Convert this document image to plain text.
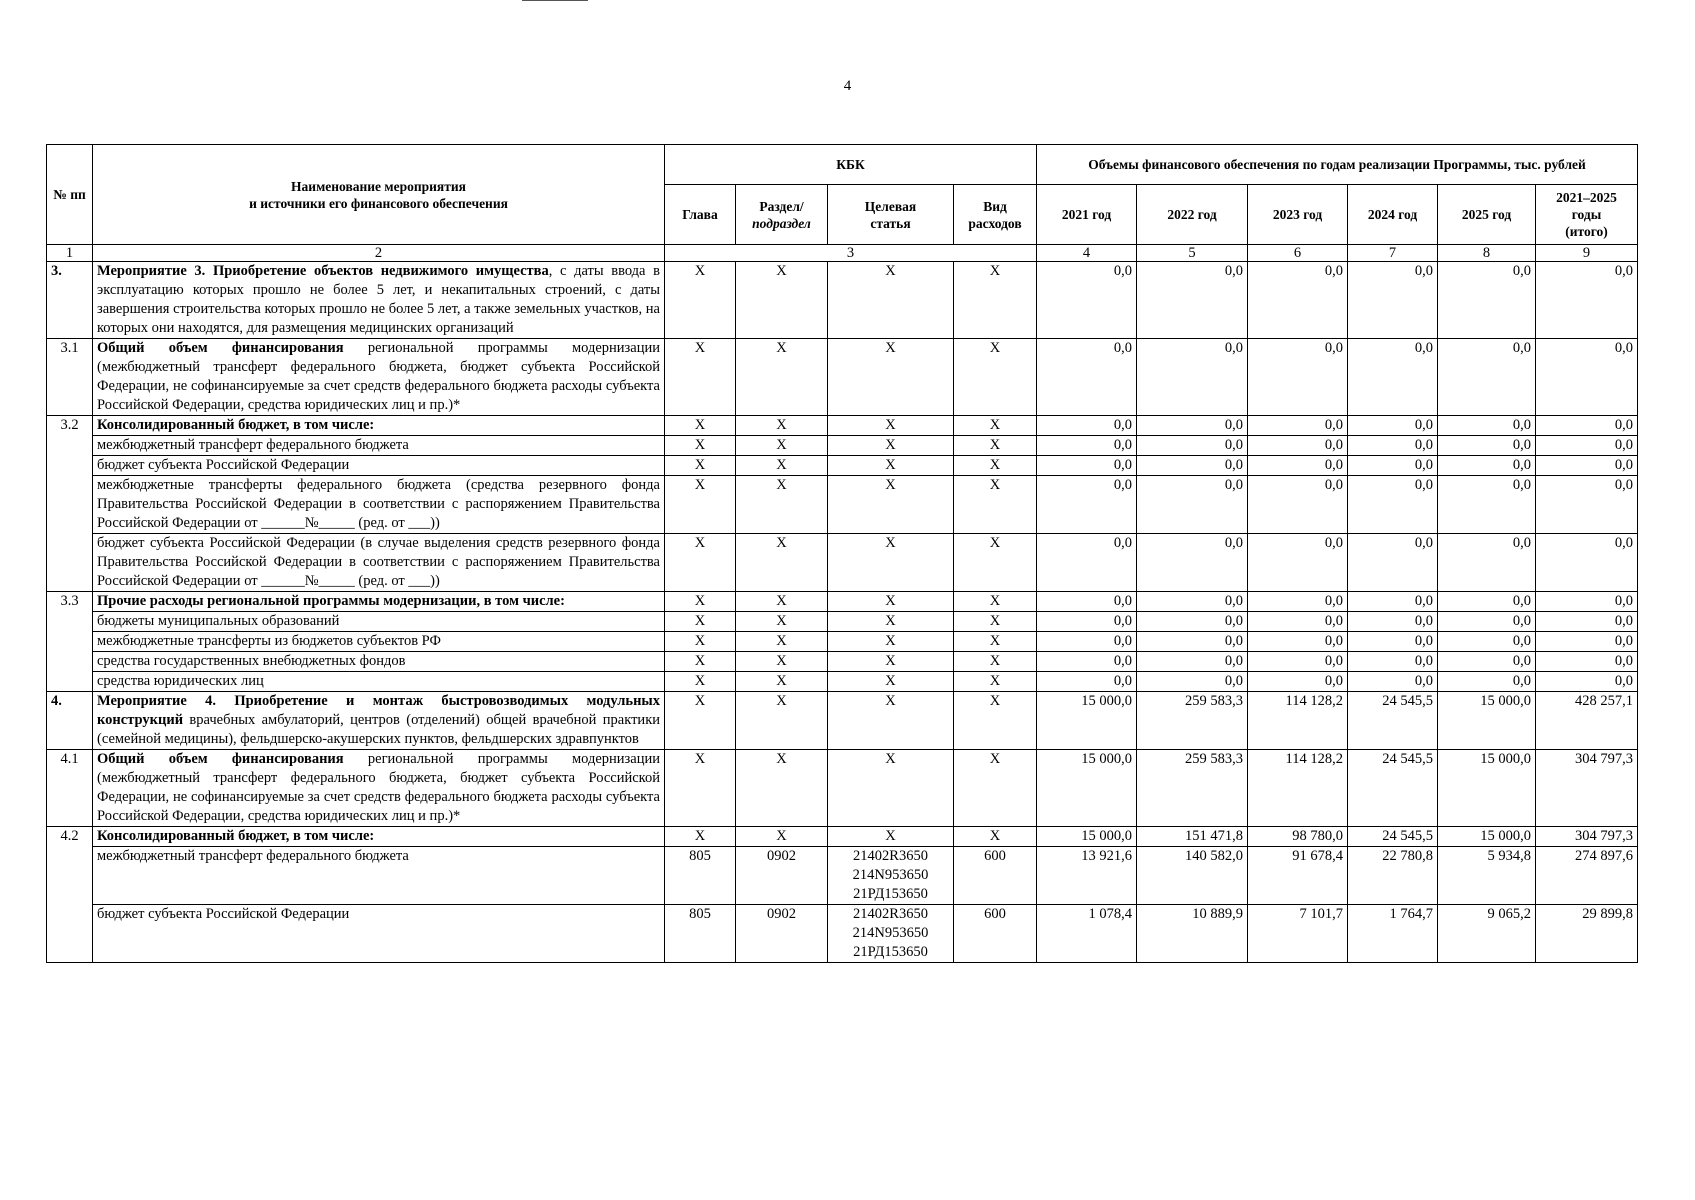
4
№ пп	Наименование мероприятия
и источники его финансового обеспечения	КБК				Объемы финансового обеспечения по годам реализации Программы, тыс. рублей					
		Глава	Раздел/
подраздел	Целевая
статья	Вид
расходов	2021 год	2022 год	2023 год	2024 год	2025 год	2021–2025
годы
(итого)
1	2	3				4	5	6	7	8	9
3.	Мероприятие 3. Приобретение объектов недвижимого имущества, с даты ввода в эксплуатацию которых прошло не более 5 лет, и некапитальных строений, с даты завершения строительства которых прошло не более 5 лет, а также земельных участков, на которых они находятся, для размещения медицинских организаций	X	X	X	X	0,0	0,0	0,0	0,0	0,0	0,0
3.1	Общий объем финансирования региональной программы модернизации (межбюджетный трансферт федерального бюджета, бюджет субъекта Российской Федерации, не софинансируемые за счет средств федерального бюджета расходы субъекта Российской Федерации, средства юридических лиц и пр.)*	X	X	X	X	0,0	0,0	0,0	0,0	0,0	0,0
3.2	Консолидированный бюджет, в том числе:	X	X	X	X	0,0	0,0	0,0	0,0	0,0	0,0
	межбюджетный трансферт федерального бюджета	X	X	X	X	0,0	0,0	0,0	0,0	0,0	0,0
	бюджет субъекта Российской Федерации	X	X	X	X	0,0	0,0	0,0	0,0	0,0	0,0
	межбюджетные трансферты федерального бюджета (средства резервного фонда Правительства Российской Федерации в соответствии с распоряжением Правительства Российской Федерации от ______№_____ (ред. от ___))	X	X	X	X	0,0	0,0	0,0	0,0	0,0	0,0
	бюджет субъекта Российской Федерации (в случае выделения средств резервного фонда Правительства Российской Федерации в соответствии с распоряжением Правительства Российской Федерации от ______№_____ (ред. от ___))	X	X	X	X	0,0	0,0	0,0	0,0	0,0	0,0
3.3	Прочие расходы региональной программы модернизации, в том числе:	X	X	X	X	0,0	0,0	0,0	0,0	0,0	0,0
	бюджеты муниципальных образований	X	X	X	X	0,0	0,0	0,0	0,0	0,0	0,0
	межбюджетные трансферты из бюджетов субъектов РФ	X	X	X	X	0,0	0,0	0,0	0,0	0,0	0,0
	средства государственных внебюджетных фондов	X	X	X	X	0,0	0,0	0,0	0,0	0,0	0,0
	средства юридических лиц	X	X	X	X	0,0	0,0	0,0	0,0	0,0	0,0
4.	Мероприятие 4. Приобретение и монтаж быстровозводимых модульных конструкций врачебных амбулаторий, центров (отделений) общей врачебной практики (семейной медицины), фельдшерско-акушерских пунктов, фельдшерских здравпунктов	X	X	X	X	15 000,0	259 583,3	114 128,2	24 545,5	15 000,0	428 257,1
4.1	Общий объем финансирования региональной программы модернизации (межбюджетный трансферт федерального бюджета, бюджет субъекта Российской Федерации, не софинансируемые за счет средств федерального бюджета расходы субъекта Российской Федерации, средства юридических лиц и пр.)*	X	X	X	X	15 000,0	259 583,3	114 128,2	24 545,5	15 000,0	304 797,3
4.2	Консолидированный бюджет, в том числе:	X	X	X	X	15 000,0	151 471,8	98 780,0	24 545,5	15 000,0	304 797,3
	межбюджетный трансферт федерального бюджета	805	0902	21402R3650
214N953650
21РД153650	600	13 921,6	140 582,0	91 678,4	22 780,8	5 934,8	274 897,6
	бюджет субъекта Российской Федерации	805	0902	21402R3650
214N953650
21РД153650	600	1 078,4	10 889,9	7 101,7	1 764,7	9 065,2	29 899,8
